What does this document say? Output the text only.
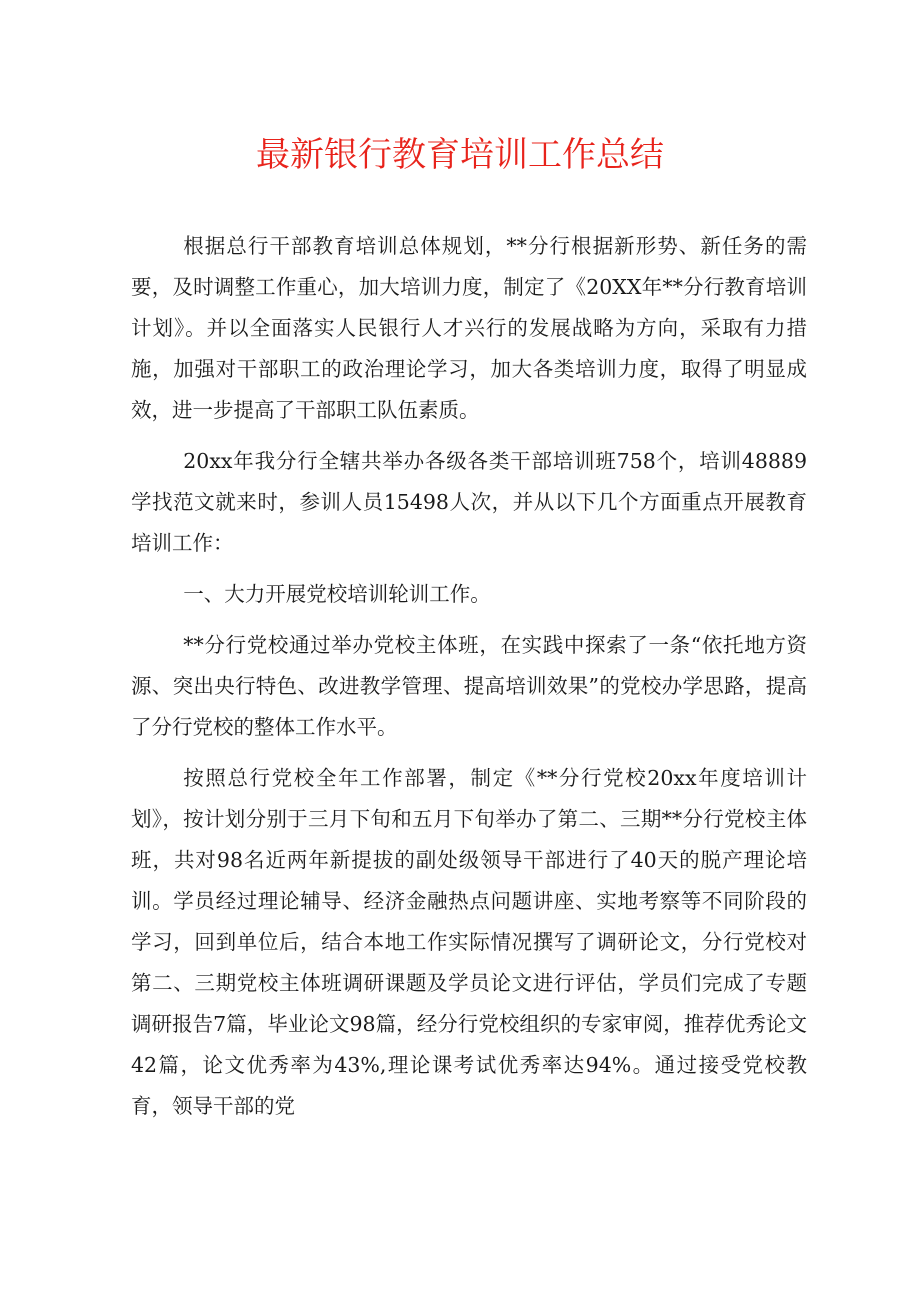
最新银行教育培训工作总结

根据总行干部教育培训总体规划，**分行根据新形势、新任务的需要，及时调整工作重心，加大培训力度，制定了《20XX年**分行教育培训计划》。并以全面落实人民银行人才兴行的发展战略为方向，采取有力措施，加强对干部职工的政治理论学习，加大各类培训力度，取得了明显成效，进一步提高了干部职工队伍素质。

20xx年我分行全辖共举办各级各类干部培训班758个，培训48889学找范文就来时，参训人员15498人次，并从以下几个方面重点开展教育培训工作：

一、大力开展党校培训轮训工作。

**分行党校通过举办党校主体班，在实践中探索了一条“依托地方资源、突出央行特色、改进教学管理、提高培训效果”的党校办学思路，提高了分行党校的整体工作水平。

按照总行党校全年工作部署，制定《**分行党校20xx年度培训计划》，按计划分别于三月下旬和五月下旬举办了第二、三期**分行党校主体班，共对98名近两年新提拔的副处级领导干部进行了40天的脱产理论培训。学员经过理论辅导、经济金融热点问题讲座、实地考察等不同阶段的学习，回到单位后，结合本地工作实际情况撰写了调研论文，分行党校对第二、三期党校主体班调研课题及学员论文进行评估，学员们完成了专题调研报告7篇，毕业论文98篇，经分行党校组织的专家审阅，推荐优秀论文42篇，论文优秀率为43%,理论课考试优秀率达94%。通过接受党校教育，领导干部的党
